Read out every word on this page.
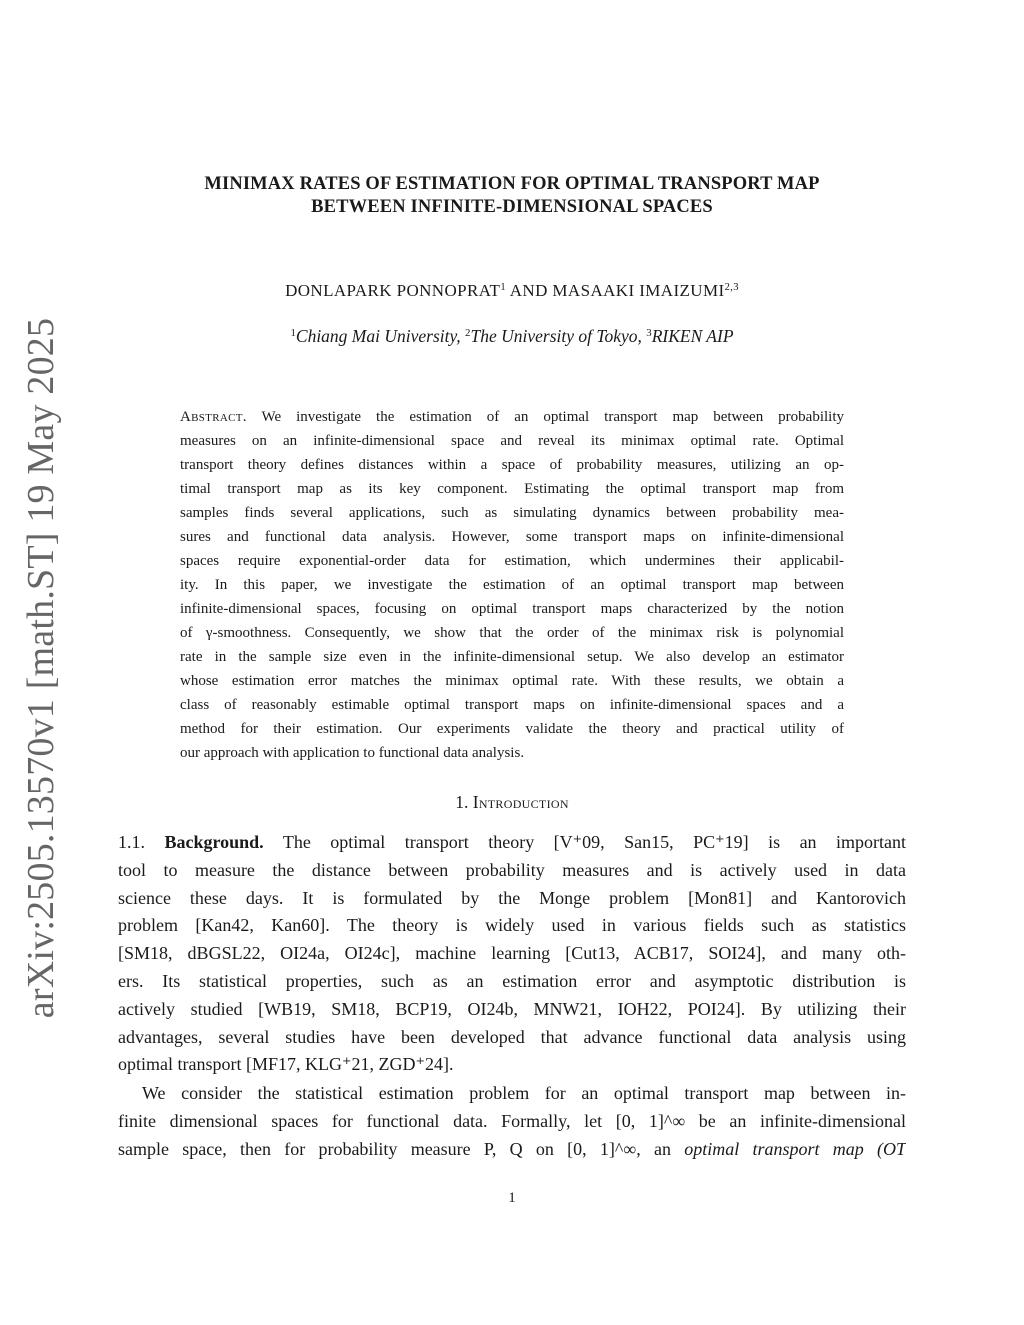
arXiv:2505.13570v1 [math.ST] 19 May 2025
MINIMAX RATES OF ESTIMATION FOR OPTIMAL TRANSPORT MAP
BETWEEN INFINITE-DIMENSIONAL SPACES
DONLAPARK PONNOPRAT$^1$ AND MASAAKI IMAIZUMI$^{2,3}$
$^1$Chiang Mai University, $^2$The University of Tokyo, $^3$RIKEN AIP
Abstract. We investigate the estimation of an optimal transport map between probability
measures on an infinite-dimensional space and reveal its minimax optimal rate. Optimal
transport theory defines distances within a space of probability measures, utilizing an op-
timal transport map as its key component. Estimating the optimal transport map from
samples finds several applications, such as simulating dynamics between probability mea-
sures and functional data analysis. However, some transport maps on infinite-dimensional
spaces require exponential-order data for estimation, which undermines their applicabil-
ity. In this paper, we investigate the estimation of an optimal transport map between
infinite-dimensional spaces, focusing on optimal transport maps characterized by the notion
of γ-smoothness. Consequently, we show that the order of the minimax risk is polynomial
rate in the sample size even in the infinite-dimensional setup. We also develop an estimator
whose estimation error matches the minimax optimal rate. With these results, we obtain a
class of reasonably estimable optimal transport maps on infinite-dimensional spaces and a
method for their estimation. Our experiments validate the theory and practical utility of
our approach with application to functional data analysis.
1. Introduction
1.1. Background. The optimal transport theory [V⁺09, San15, PC⁺19] is an important
tool to measure the distance between probability measures and is actively used in data
science these days. It is formulated by the Monge problem [Mon81] and Kantorovich
problem [Kan42, Kan60]. The theory is widely used in various fields such as statistics
[SM18, dBGSL22, OI24a, OI24c], machine learning [Cut13, ACB17, SOI24], and many oth-
ers. Its statistical properties, such as an estimation error and asymptotic distribution is
actively studied [WB19, SM18, BCP19, OI24b, MNW21, IOH22, POI24]. By utilizing their
advantages, several studies have been developed that advance functional data analysis using
optimal transport [MF17, KLG⁺21, ZGD⁺24].
We consider the statistical estimation problem for an optimal transport map between in-
finite dimensional spaces for functional data. Formally, let [0, 1]^∞ be an infinite-dimensional
sample space, then for probability measure P, Q on [0, 1]^∞, an optimal transport map (OT
1
